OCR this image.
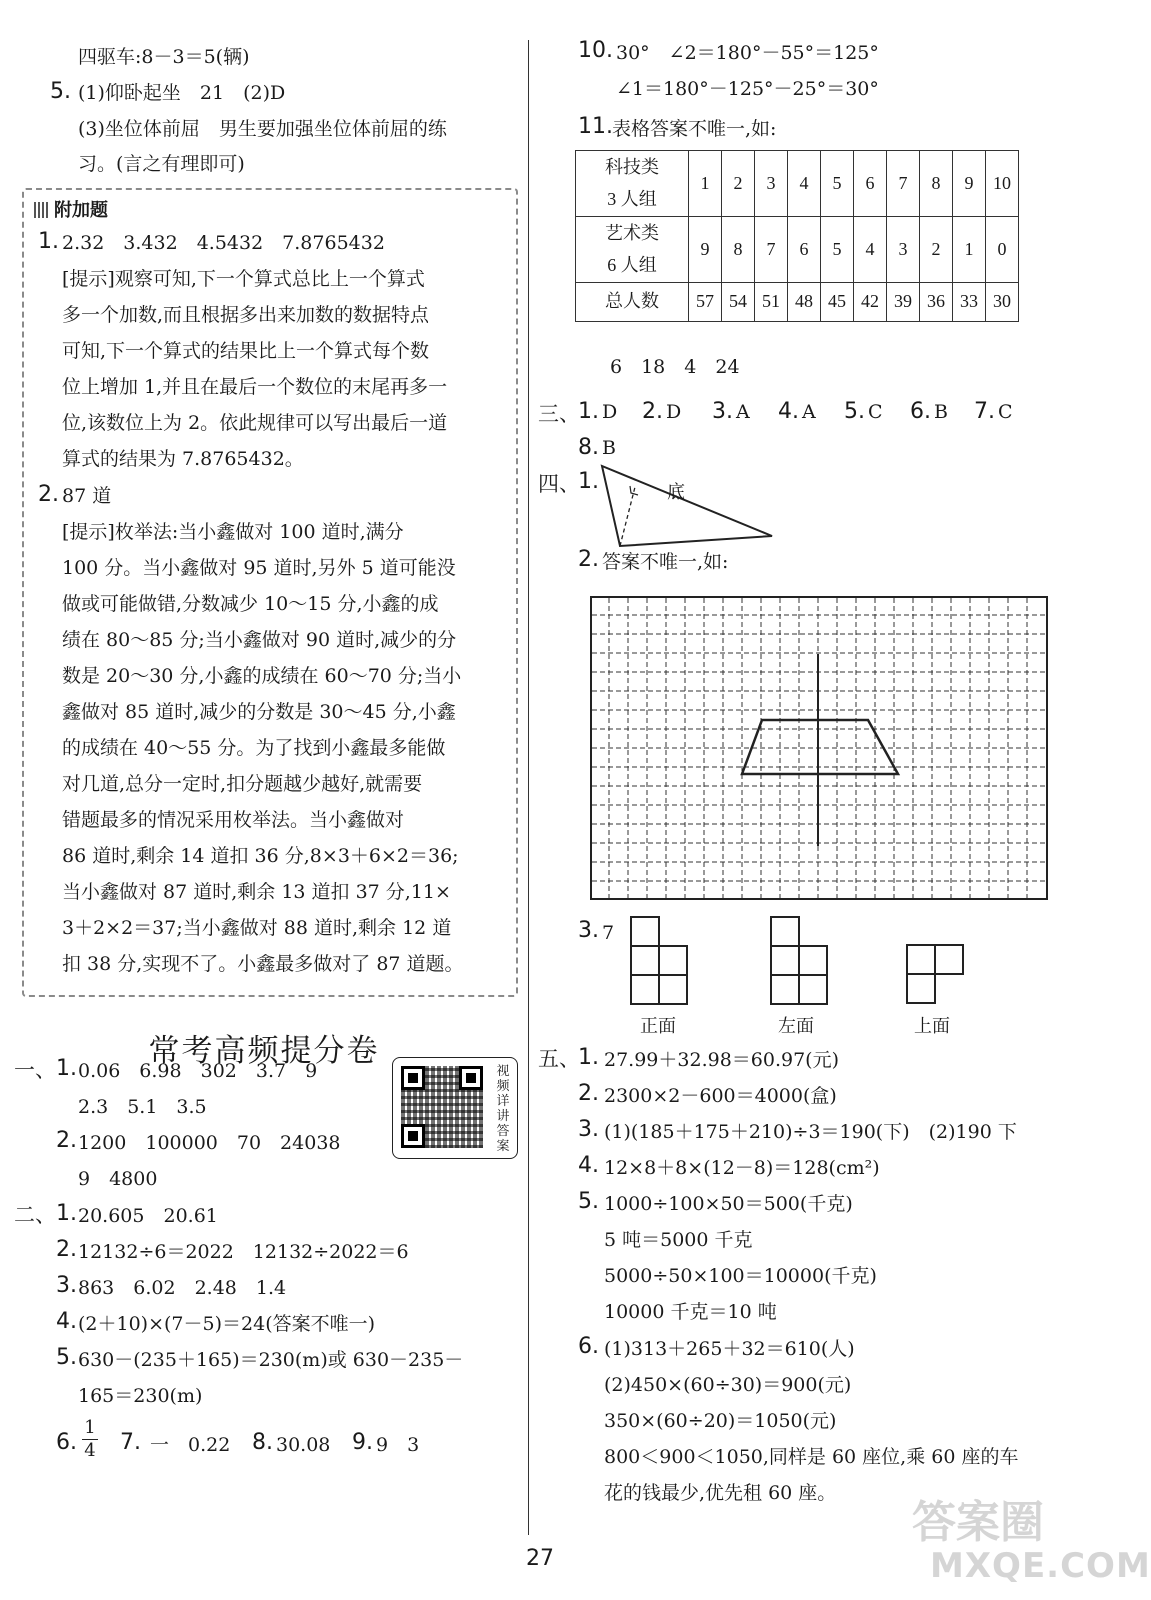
四驱车:8－3＝5(辆)
5. (1)仰卧起坐　21　(2)D
(3)坐位体前屈　男生要加强坐位体前屈的练
习。(言之有理即可)
附加题
1. 2.32　3.432　4.5432　7.8765432
[提示]观察可知,下一个算式总比上一个算式
多一个加数,而且根据多出来加数的数据特点
可知,下一个算式的结果比上一个算式每个数
位上增加 1,并且在最后一个数位的末尾再多一
位,该数位上为 2。依此规律可以写出最后一道
算式的结果为 7.8765432。
2. 87 道
[提示]枚举法:当小鑫做对 100 道时,满分
100 分。当小鑫做对 95 道时,另外 5 道可能没
做或可能做错,分数减少 10～15 分,小鑫的成
绩在 80～85 分;当小鑫做对 90 道时,减少的分
数是 20～30 分,小鑫的成绩在 60～70 分;当小
鑫做对 85 道时,减少的分数是 30～45 分,小鑫
的成绩在 40～55 分。为了找到小鑫最多能做
对几道,总分一定时,扣分题越少越好,就需要
错题最多的情况采用枚举法。当小鑫做对
86 道时,剩余 14 道扣 36 分,8×3＋6×2＝36;
当小鑫做对 87 道时,剩余 13 道扣 37 分,11×
3＋2×2＝37;当小鑫做对 88 道时,剩余 12 道
扣 38 分,实现不了。小鑫最多做对了 87 道题。
常考高频提分卷
视频详讲答案
一、 1. 0.06　6.98　302　3.7　9
2.3　5.1　3.5
2. 1200　100000　70　24038
9　4800
二、 1. 20.605　20.61
2. 12132÷6＝2022　12132÷2022＝6
3. 863　6.02　2.48　1.4
4. (2＋10)×(7－5)＝24(答案不唯一)
5. 630－(235＋165)＝230(m)或 630－235－
165＝230(m)
6.
1
4 7. 一　0.22 8. 30.08 9. 9　3
10. 30°　∠2＝180°－55°＝125°
∠1＝180°－125°－25°＝30°
11. 表格答案不唯一,如:
科技类
3 人组	1	2	3	4	5	6	7	8	9	10
艺术类
6 人组	9	8	7	6	5	4	3	2	1	0
总人数	57	54	51	48	45	42	39	36	33	30
6　18　4　24
三、
1. D 2. D 3. A 4. A 5. C 6. B 7. C
8. B
四、
1.	底
2. 答案不唯一,如:
3. 7
正面	左面	上面
五、
1. 27.99＋32.98＝60.97(元)
2. 2300×2－600＝4000(盒)
3. (1)(185＋175＋210)÷3＝190(下)　(2)190 下
4. 12×8＋8×(12－8)＝128(cm²)
5. 1000÷100×50＝500(千克)
5 吨＝5000 千克
5000÷50×100＝10000(千克)
10000 千克＝10 吨
6. (1)313＋265＋32＝610(人)
(2)450×(60÷30)＝900(元)
350×(60÷20)＝1050(元)
800＜900＜1050,同样是 60 座位,乘 60 座的车
花的钱最少,优先租 60 座。
27
答案圈
MXQE.COM
